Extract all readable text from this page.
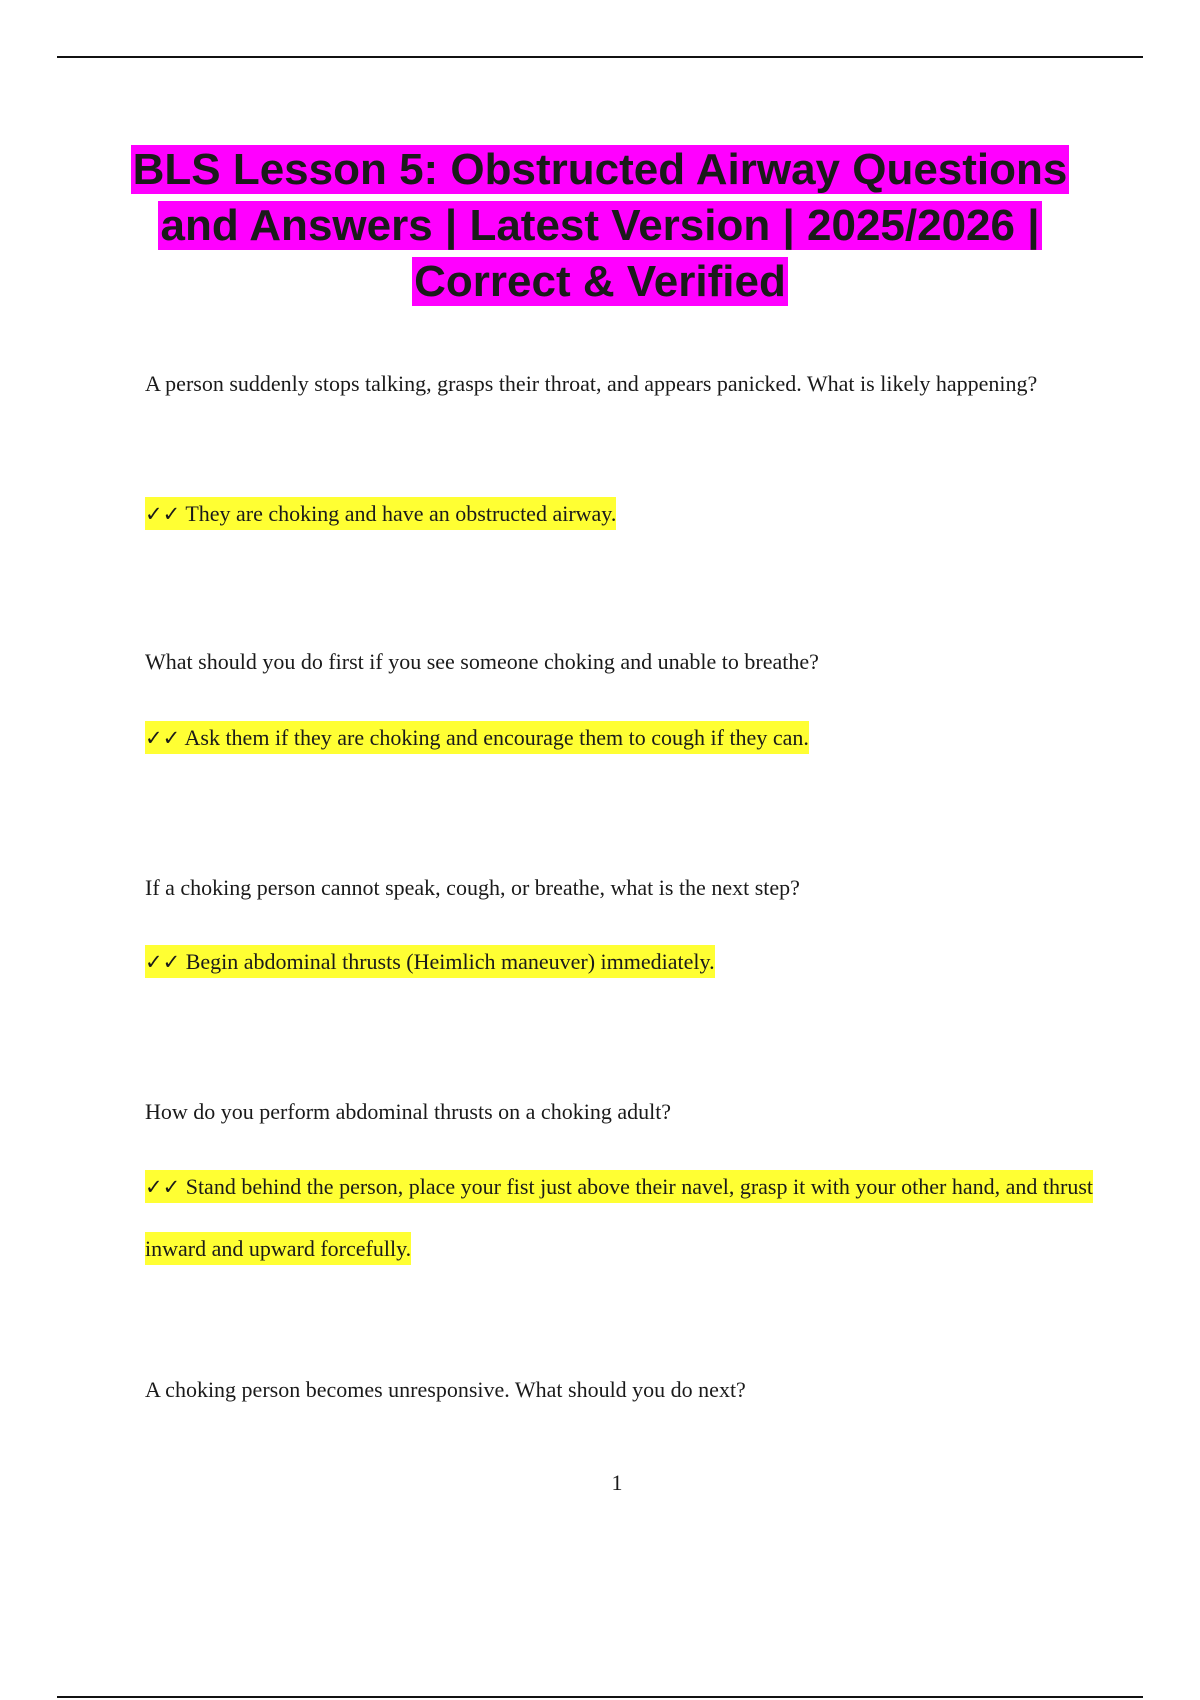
BLS Lesson 5: Obstructed Airway Questions and Answers | Latest Version | 2025/2026 | Correct & Verified
A person suddenly stops talking, grasps their throat, and appears panicked. What is likely happening?
✓✓ They are choking and have an obstructed airway.
What should you do first if you see someone choking and unable to breathe?
✓✓ Ask them if they are choking and encourage them to cough if they can.
If a choking person cannot speak, cough, or breathe, what is the next step?
✓✓ Begin abdominal thrusts (Heimlich maneuver) immediately.
How do you perform abdominal thrusts on a choking adult?
✓✓ Stand behind the person, place your fist just above their navel, grasp it with your other hand, and thrust inward and upward forcefully.
A choking person becomes unresponsive. What should you do next?
1
